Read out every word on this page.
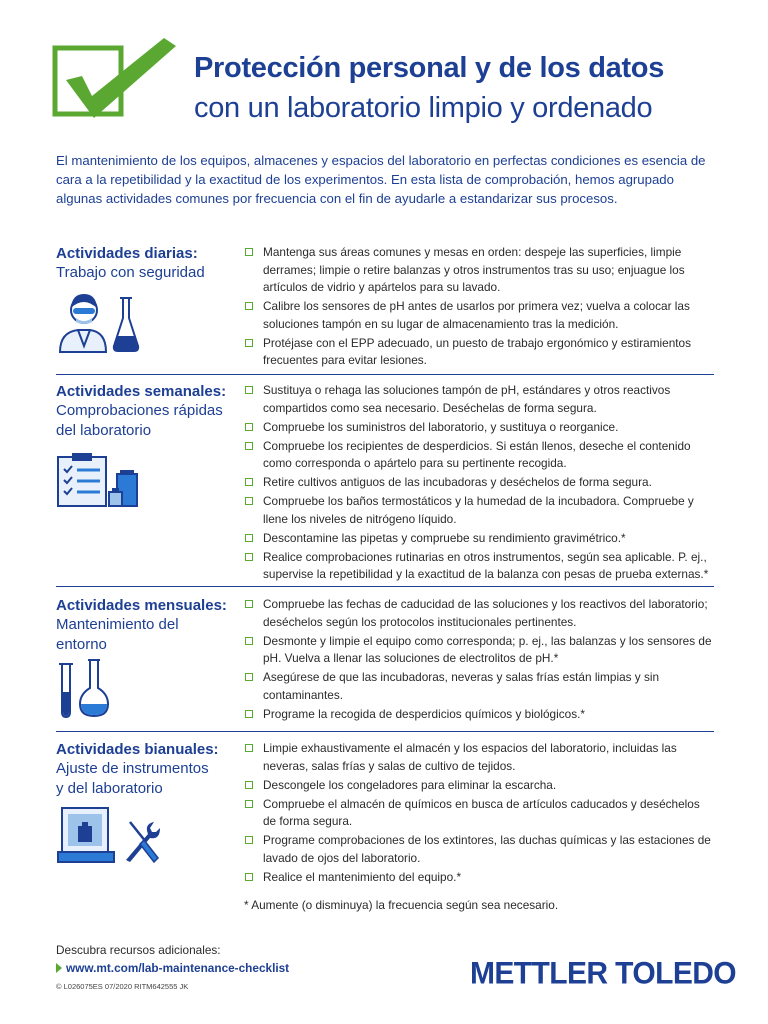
Protección personal y de los datos
con un laboratorio limpio y ordenado
El mantenimiento de los equipos, almacenes y espacios del laboratorio en perfectas condiciones es esencia de cara a la repetibilidad y la exactitud de los experimentos. En esta lista de comprobación, hemos agrupado algunas actividades comunes por frecuencia con el fin de ayudarle a estandarizar sus procesos.
Actividades diarias:
Trabajo con seguridad
Mantenga sus áreas comunes y mesas en orden: despeje las superficies, limpie derrames; limpie o retire balanzas y otros instrumentos tras su uso; enjuague los artículos de vidrio y apártelos para su lavado.
Calibre los sensores de pH antes de usarlos por primera vez; vuelva a colocar las soluciones tampón en su lugar de almacenamiento tras la medición.
Protéjase con el EPP adecuado, un puesto de trabajo ergonómico y estiramientos frecuentes para evitar lesiones.
Actividades semanales:
Comprobaciones rápidas
del laboratorio
Sustituya o rehaga las soluciones tampón de pH, estándares y otros reactivos compartidos como sea necesario. Deséchelas de forma segura.
Compruebe los suministros del laboratorio, y sustituya o reorganice.
Compruebe los recipientes de desperdicios. Si están llenos, deseche el contenido como corresponda o apártelo para su pertinente recogida.
Retire cultivos antiguos de las incubadoras y deséchelos de forma segura.
Compruebe los baños termostáticos y la humedad de la incubadora. Compruebe y llene los niveles de nitrógeno líquido.
Descontamine las pipetas y compruebe su rendimiento gravimétrico.*
Realice comprobaciones rutinarias en otros instrumentos, según sea aplicable. P. ej., supervise la repetibilidad y la exactitud de la balanza con pesas de prueba externas.*
Actividades mensuales:
Mantenimiento del
entorno
Compruebe las fechas de caducidad de las soluciones y los reactivos del laboratorio; deséchelos según los protocolos institucionales pertinentes.
Desmonte y limpie el equipo como corresponda; p. ej., las balanzas y los sensores de pH. Vuelva a llenar las soluciones de electrolitos de pH.*
Asegúrese de que las incubadoras, neveras y salas frías están limpias y sin contaminantes.
Programe la recogida de desperdicios químicos y biológicos.*
Actividades bianuales:
Ajuste de instrumentos
y del laboratorio
Limpie exhaustivamente el almacén y los espacios del laboratorio, incluidas las neveras, salas frías y salas de cultivo de tejidos.
Descongele los congeladores para eliminar la escarcha.
Compruebe el almacén de químicos en busca de artículos caducados y deséchelos de forma segura.
Programe comprobaciones de los extintores, las duchas químicas y las estaciones de lavado de ojos del laboratorio.
Realice el mantenimiento del equipo.*
* Aumente (o disminuya) la frecuencia según sea necesario.
Descubra recursos adicionales:
www.mt.com/lab-maintenance-checklist
© L026075ES 07/2020 RITM642555 JK	METTLER TOLEDO
